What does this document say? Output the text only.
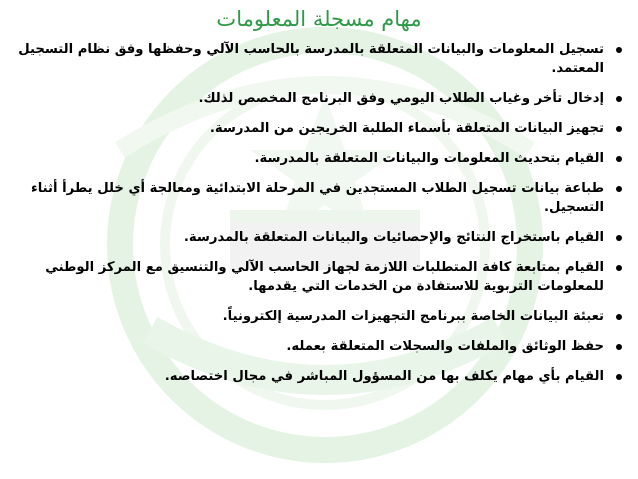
مهام مسجلة المعلومات
تسجيل المعلومات والبيانات المتعلقة بالمدرسة بالحاسب الآلي وحفظها وفق نظام التسجيل المعتمد.
إدخال تأخر وغياب الطلاب اليومي وفق البرنامج المخصص لذلك.
تجهيز البيانات المتعلقة بأسماء الطلبة الخريجين من المدرسة.
القيام بتحديث المعلومات والبيانات المتعلقة بالمدرسة.
طباعة بيانات تسجيل الطلاب المستجدين في المرحلة الابتدائية ومعالجة أي خلل يطرأ أثناء التسجيل.
القيام باستخراج النتائج والإحصائيات والبيانات المتعلقة بالمدرسة.
القيام بمتابعة كافة المتطلبات اللازمة لجهاز الحاسب الآلي والتنسيق مع المركز الوطني للمعلومات التربوية للاستفادة من الخدمات التي يقدمها.
تعبئة البيانات الخاصة ببرنامج التجهيزات المدرسية إلكترونياً.
حفظ الوثائق والملفات والسجلات المتعلقة بعمله.
القيام بأي مهام يكلف بها من المسؤول المباشر في مجال اختصاصه.
